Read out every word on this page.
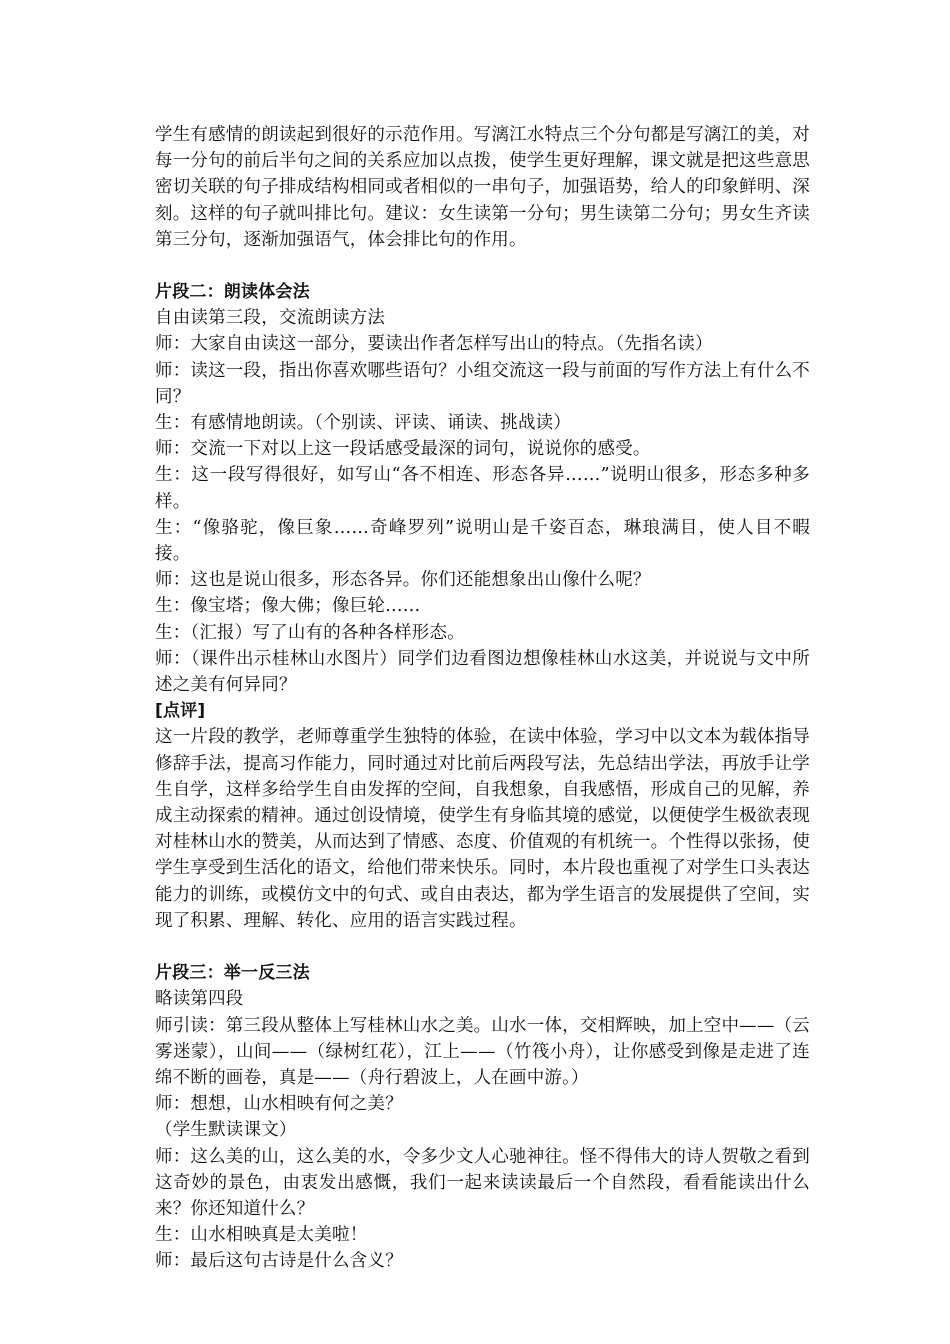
学生有感情的朗读起到很好的示范作用。写漓江水特点三个分句都是写漓江的美，对每一分句的前后半句之间的关系应加以点拨，使学生更好理解，课文就是把这些意思密切关联的句子排成结构相同或者相似的一串句子，加强语势，给人的印象鲜明、深刻。这样的句子就叫排比句。建议：女生读第一分句；男生读第二分句；男女生齐读第三分句，逐渐加强语气，体会排比句的作用。

片段二：朗读体会法

自由读第三段，交流朗读方法

师：大家自由读这一部分，要读出作者怎样写出山的特点。（先指名读）

师：读这一段，指出你喜欢哪些语句？小组交流这一段与前面的写作方法上有什么不同？

生：有感情地朗读。（个别读、评读、诵读、挑战读）

师：交流一下对以上这一段话感受最深的词句，说说你的感受。

生：这一段写得很好，如写山“各不相连、形态各异……”说明山很多，形态多种多样。

生：“像骆驼，像巨象……奇峰罗列”说明山是千姿百态，琳琅满目，使人目不暇接。

师：这也是说山很多，形态各异。你们还能想象出山像什么呢？

生：像宝塔；像大佛；像巨轮……

生：（汇报）写了山有的各种各样形态。

师：（课件出示桂林山水图片）同学们边看图边想像桂林山水这美，并说说与文中所述之美有何异同？

[点评]

这一片段的教学，老师尊重学生独特的体验，在读中体验，学习中以文本为载体指导修辞手法，提高习作能力，同时通过对比前后两段写法，先总结出学法，再放手让学生自学，这样多给学生自由发挥的空间，自我想象，自我感悟，形成自己的见解，养成主动探索的精神。通过创设情境，使学生有身临其境的感觉，以便使学生极欲表现对桂林山水的赞美，从而达到了情感、态度、价值观的有机统一。个性得以张扬，使学生享受到生活化的语文，给他们带来快乐。同时，本片段也重视了对学生口头表达能力的训练，或模仿文中的句式、或自由表达，都为学生语言的发展提供了空间，实现了积累、理解、转化、应用的语言实践过程。

片段三：举一反三法

略读第四段

师引读：第三段从整体上写桂林山水之美。山水一体，交相辉映，加上空中——（云雾迷蒙），山间——（绿树红花），江上——（竹筏小舟），让你感受到像是走进了连绵不断的画卷，真是——（舟行碧波上，人在画中游。）

师：想想，山水相映有何之美？

（学生默读课文）

师：这么美的山，这么美的水，令多少文人心驰神往。怪不得伟大的诗人贺敬之看到这奇妙的景色，由衷发出感慨，我们一起来读读最后一个自然段，看看能读出什么来？你还知道什么？

生：山水相映真是太美啦！

师：最后这句古诗是什么含义？
